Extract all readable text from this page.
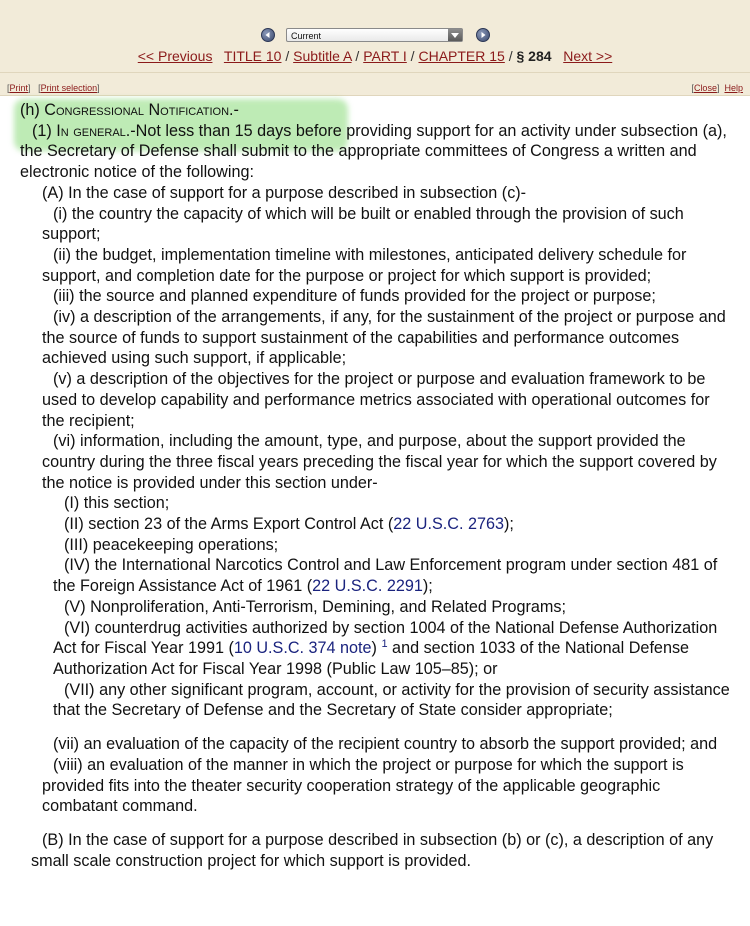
Current
<< Previous TITLE 10 / Subtitle A / PART I / CHAPTER 15 / § 284 Next >>
[Print] [Print selection]	[Close] Help
(h) Congressional Notification.-
(1) In general.-Not less than 15 days before providing support for an activity under subsection (a), the Secretary of Defense shall submit to the appropriate committees of Congress a written and electronic notice of the following:
(A) In the case of support for a purpose described in subsection (c)-
(i) the country the capacity of which will be built or enabled through the provision of such support;
(ii) the budget, implementation timeline with milestones, anticipated delivery schedule for support, and completion date for the purpose or project for which support is provided;
(iii) the source and planned expenditure of funds provided for the project or purpose;
(iv) a description of the arrangements, if any, for the sustainment of the project or purpose and the source of funds to support sustainment of the capabilities and performance outcomes achieved using such support, if applicable;
(v) a description of the objectives for the project or purpose and evaluation framework to be used to develop capability and performance metrics associated with operational outcomes for the recipient;
(vi) information, including the amount, type, and purpose, about the support provided the country during the three fiscal years preceding the fiscal year for which the support covered by the notice is provided under this section under-
(I) this section;
(II) section 23 of the Arms Export Control Act (22 U.S.C. 2763);
(III) peacekeeping operations;
(IV) the International Narcotics Control and Law Enforcement program under section 481 of the Foreign Assistance Act of 1961 (22 U.S.C. 2291);
(V) Nonproliferation, Anti-Terrorism, Demining, and Related Programs;
(VI) counterdrug activities authorized by section 1004 of the National Defense Authorization Act for Fiscal Year 1991 (10 U.S.C. 374 note) $^1$ and section 1033 of the National Defense Authorization Act for Fiscal Year 1998 (Public Law 105–85); or
(VII) any other significant program, account, or activity for the provision of security assistance that the Secretary of Defense and the Secretary of State consider appropriate;
(vii) an evaluation of the capacity of the recipient country to absorb the support provided; and
(viii) an evaluation of the manner in which the project or purpose for which the support is provided fits into the theater security cooperation strategy of the applicable geographic combatant command.
(B) In the case of support for a purpose described in subsection (b) or (c), a description of any small scale construction project for which support is provided.
